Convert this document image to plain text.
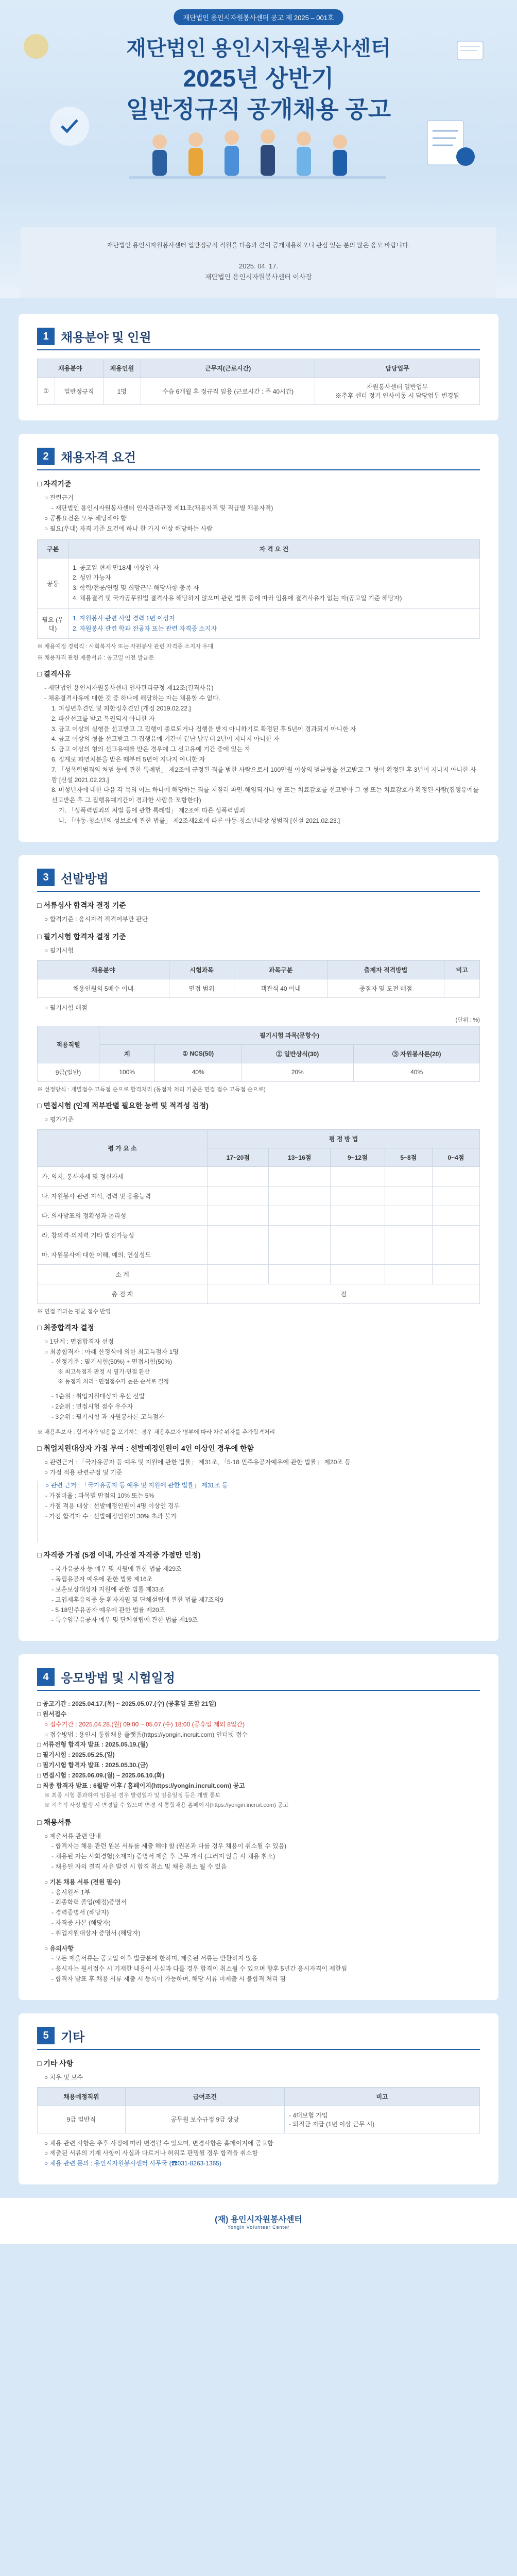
재단법인 용인시자원봉사센터 공고 제 2025 – 001호
재단법인 용인시자원봉사센터
2025년 상반기
일반정규직 공개채용 공고
재단법인 용인시자원봉사센터 일반정규직 직원을 다음과 같이 공개채용하오니 관심 있는 분의 많은 응모 바랍니다.
2025. 04. 17.
재단법인 용인시자원봉사센터 이사장
1 채용분야 및 인원
채용분야		채용인원	근무지(근로시간)	담당업무
①	일반정규직	1명	수습 6개월 후 정규직 임용 (근로시간 : 주 40시간)	자원봉사센터 일반업무
※추후 센터 정기 인사이동 시 담당업무 변경됨
2 채용자격 요건
□ 자격기준
○ 관련근거
- 재단법인 용인시자원봉사센터 인사관리규정 제11조(채용자격 및 직급별 채용자격)
○ 공통요건은 모두 해당해야 함
○ 필요(우대) 자격 기준 요건에 하나 한 가지 이상 해당하는 사람
구분	자 격 요 건
공통	1. 공고일 현재 만18세 이상인 자
2. 성인 가능자
3. 학력/전공/연령 및 희망근무 해당사항 충족 자
4. 채용결격 및 국가공무원법 결격사유 해당하지 않으며 관련 법률 등에 따라 임용에 결격사유가 없는 자(공고일 기준 해당자)

필요 (우대)	1. 자원봉사 관련 사업 경력 1년 이상자
2. 자원봉사 관련 학과 전공자 또는 관련 자격증 소지자
※ 채용예정 경력직 : 사회복지사 또는 자원봉사 관련 자격증 소지자 우대
※ 채용자격 관련 제출서류 : 공고일 이전 발급분
□ 결격사유
- 재단법인 용인시자원봉사센터 인사관리규정 제12조(결격사유)
- 채용결격사유에 대한 것 중 하나에 해당하는 자는 채용할 수 없다.
1. 피성년후견인 및 피한정후견인 [개정 2019.02.22.]
2. 파산선고를 받고 복권되지 아니한 자
3. 금고 이상의 실형을 선고받고 그 집행이 종료되거나 집행을 받지 아니하기로 확정된 후 5년이 경과되지 아니한 자
4. 금고 이상의 형을 선고받고 그 집행유예 기간이 끝난 날부터 2년이 지나지 아니한 자
5. 금고 이상의 형의 선고유예를 받은 경우에 그 선고유예 기간 중에 있는 자
6. 징계로 파면처분을 받은 때부터 5년이 지나지 아니한 자
7. 「성폭력범죄의 처벌 등에 관한 특례법」 제2조에 규정된 죄를 범한 사람으로서 100만원 이상의 벌금형을 선고받고 그 형이 확정된 후 3년이 지나지 아니한 사람 [신설 2021.02.23.]
8. 미성년자에 대한 다음 각 목의 어느 하나에 해당하는 죄를 저질러 파면·해임되거나 형 또는 치료감호를 선고받아 그 형 또는 치료감호가 확정된 사람(집행유예를 선고받은 후 그 집행유예기간이 경과한 사람을 포함한다)
가. 「성폭력범죄의 처벌 등에 관한 특례법」 제2조에 따른 성폭력범죄
나. 「아동·청소년의 성보호에 관한 법률」 제2조제2호에 따른 아동·청소년대상 성범죄 [신설 2021.02.23.]
3 선발방법
□ 서류심사 합격자 결정 기준
○ 합격기준 : 응시자격 적격여부만 판단
□ 필기시험 합격자 결정 기준
○ 필기시험
채용분야	시험과목	과목구분	출제자 적격방법	비고
채용인원의 5배수 이내	면접 범위	객관식 40 이내	중점자 및 도전 배점	
○ 필기시험 배점
(단위 : %)
적용직렬	필기시험 과목(문항수)			
	계	① NCS(50)	② 일반상식(30)	③ 자원봉사론(20)
9급(일반)	100%	40%	20%	40%
※ 선정방식 : 개별점수 고득점 순으로 합격처리 (동점자 처리 기준은 면접 점수 고득점 순으로)
□ 면접시험 (인재 적부판별 필요한 능력 및 적격성 검정)
○ 평가기준
평 가 요 소	평 정 방 법				
	17~20점	13~16점	9~12점	5~8점	0~4점
가. 의지, 봉사자세 및 정신자세					
나. 자원봉사 관련 지식, 경력 및 응용능력					
다. 의사발표의 정확성과 논리성					
라. 창의력·의지력 기타 발전가능성					
마. 자원봉사에 대한 이해, 예의, 연실성도					
소 계					
총 점 계	점				
※ 면접 결과는 평균 점수 반영
□ 최종합격자 결정
○ 1단계 : 면접합격자 선정
○ 최종합격자 : 아래 산정식에 의한 최고득점자 1명
- 산정기준 : 필기시험(50%) + 면접시험(50%)
※ 최고득점자 판정 시 필기·면접 환산
※ 동점자 처리 : 면접점수가 높은 순서로 결정
- 1순위 : 취업지원대상자 우선 선발
- 2순위 : 면접시험 점수 우수자
- 3순위 : 필기시험 과 자원봉사론 고득점자
※ 채용후보자 : 합격자가 임용을 포기하는 경우 채용후보자 명부에 따라 차순위자를 추가합격처리
□ 취업지원대상자 가점 부여 : 선발예정인원이 4인 이상인 경우에 한함
○ 관련근거 : 「국가유공자 등 예우 및 지원에 관한 법률」 제31조, 「5·18 민주유공자예우에 관한 법률」 제20조 등
○ 가점 적용 관련규정 및 기준
○ 관련 근거 : 「국가유공자 등 예우 및 지원에 관한 법률」 제31조 등
- 가점비율 : 과목별 만점의 10% 또는 5%
- 가점 적용 대상 : 선발예정인원이 4명 이상인 경우
- 가점 합격자 수 : 선발예정인원의 30% 초과 불가
□ 자격증 가점 (5점 이내, 가산점 자격증 가점만 인정)
- 국가유공자 등 예우 및 지원에 관한 법률 제29조
- 독립유공자 예우에 관한 법률 제16조
- 보훈보상대상자 지원에 관한 법률 제33조
- 고엽제후유의증 등 환자지원 및 단체설립에 관한 법률 제7조의9
- 5·18민주유공자 예우에 관한 법률 제20조
- 특수임무유공자 예우 및 단체설립에 관한 법률 제19조
4 응모방법 및 시험일정
□ 공고기간 : 2025.04.17.(목) ~ 2025.05.07.(수) (공휴일 포함 21일)
□ 원서접수
○ 접수기간 : 2025.04.28.(월) 09:00 ~ 05.07.(수) 18:00 (공휴일 제외 8일간)
○ 접수방법 : 용인시 통합채용 플랫폼(https://yongin.incruit.com) 인터넷 접수
□ 서류전형 합격자 발표 : 2025.05.19.(월)
□ 필기시험 : 2025.05.25.(일)
□ 필기시험 합격자 발표 : 2025.05.30.(금)
□ 면접시험 : 2025.06.09.(월) ~ 2025.06.10.(화)
□ 최종 합격자 발표 : 6월말 이후 / 홈페이지(https://yongin.incruit.com) 공고
※ 최종 시험 통과하여 임용될 경우 발령일자 및 임용일정 등은 개별 통보
※ 지속적 사정 발생 시 변경될 수 있으며 변경 시 통합채용 홈페이지(https://yongin.incruit.com) 공고
□ 채용서류
○ 제출서류 관련 안내
- 합격자는 채용 관련 원본 서류를 제출 해야 할 (원본과 다를 경우 채용이 취소될 수 있음)
- 채용된 자는 사회경험(소재지) 증명서 제출 후 근무 개시 (그러지 않을 시 채용 취소)
- 채용된 자의 결격 사유 발견 시 합격 취소 및 채용 취소 될 수 있음
○ 기본 채용 서류 (전원 필수)
- 응시원서 1부
- 최종학력 졸업(예정)증명서
- 경력증명서 (해당자)
- 자격증 사본 (해당자)
- 취업지원대상자 증명서 (해당자)
○ 유의사항
- 모든 제출서류는 공고일 이후 발급분에 한하며, 제출된 서류는 반환하지 않음
- 응시자는 원서접수 시 기재한 내용이 사실과 다를 경우 합격이 취소될 수 있으며 향후 5년간 응시자격이 제한됨
- 합격자 발표 후 채용 서류 제출 시 등록이 가능하며, 해당 서류 미제출 시 불합격 처리 됨
5 기타
□ 기타 사항
○ 처우 및 보수
채용예정직위	급여조건	비고
9급 일반직	공무원 보수규정 9급 상당	- 4대보험 가입
- 퇴직금 지급 (1년 이상 근무 시)
○ 채용 관련 사항은 추후 사정에 따라 변경될 수 있으며, 변경사항은 홈페이지에 공고함
○ 제출된 서류의 기재 사항이 사실과 다르거나 허위로 판명될 경우 합격을 취소함
○ 채용 관련 문의 : 용인시자원봉사센터 사무국 (☎031-8263-1365)
(재) 용인시자원봉사센터
Yongin Volunteer Center
